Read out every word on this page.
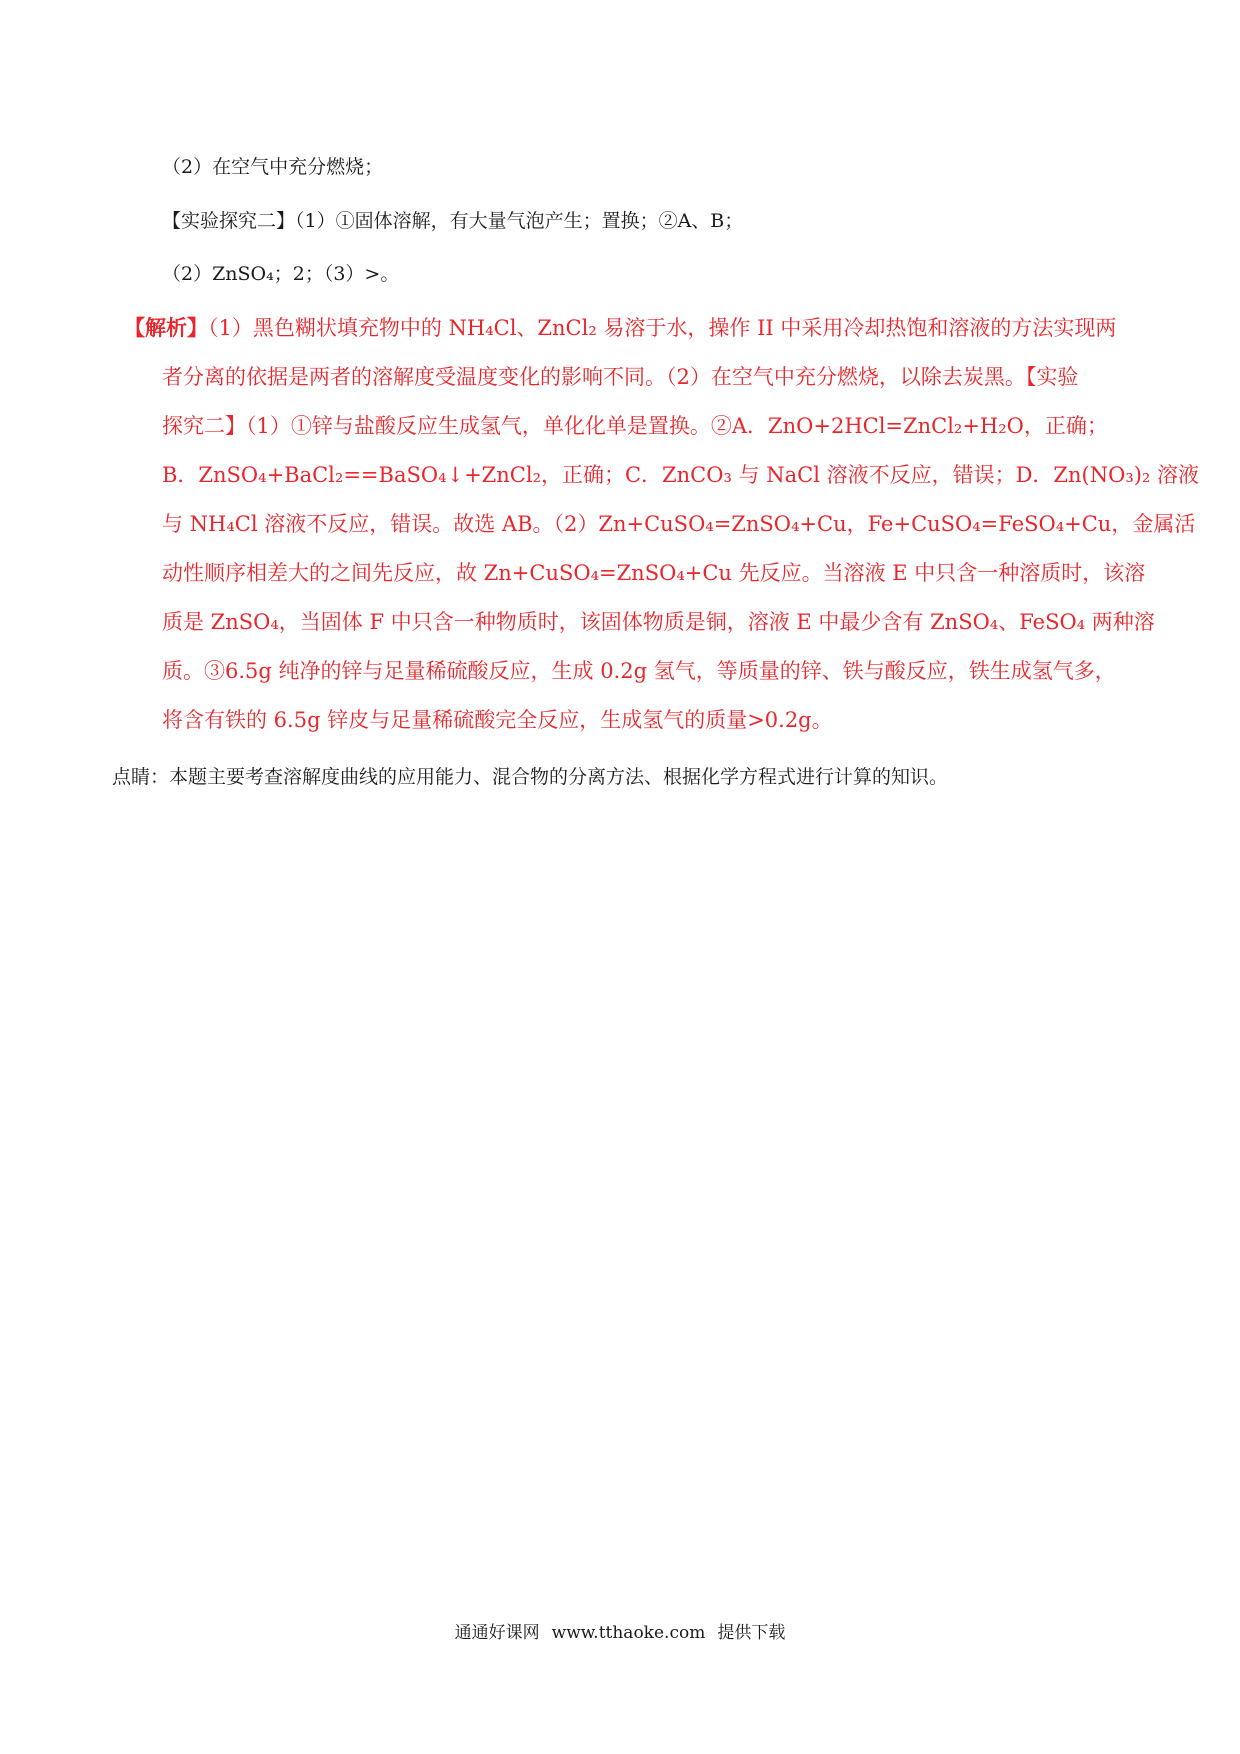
（2）在空气中充分燃烧；
【实验探究二】（1）①固体溶解，有大量气泡产生；置换；②A、B；
（2）ZnSO₄；2；（3）>。
【解析】（1）黑色糊状填充物中的 NH₄Cl、ZnCl₂ 易溶于水，操作 II 中采用冷却热饱和溶液的方法实现两
者分离的依据是两者的溶解度受温度变化的影响不同。（2）在空气中充分燃烧，以除去炭黑。【实验
探究二】（1）①锌与盐酸反应生成氢气，单化化单是置换。②A．ZnO+2HCl=ZnCl₂+H₂O，正确；
B．ZnSO₄+BaCl₂==BaSO₄↓+ZnCl₂，正确；C．ZnCO₃ 与 NaCl 溶液不反应，错误；D．Zn(NO₃)₂ 溶液
与 NH₄Cl 溶液不反应，错误。故选 AB。（2）Zn+CuSO₄=ZnSO₄+Cu，Fe+CuSO₄=FeSO₄+Cu，金属活
动性顺序相差大的之间先反应，故 Zn+CuSO₄=ZnSO₄+Cu 先反应。当溶液 E 中只含一种溶质时，该溶
质是 ZnSO₄，当固体 F 中只含一种物质时，该固体物质是铜，溶液 E 中最少含有 ZnSO₄、FeSO₄ 两种溶
质。③6.5g 纯净的锌与足量稀硫酸反应，生成 0.2g 氢气，等质量的锌、铁与酸反应，铁生成氢气多，
将含有铁的 6.5g 锌皮与足量稀硫酸完全反应，生成氢气的质量>0.2g。
点睛：本题主要考查溶解度曲线的应用能力、混合物的分离方法、根据化学方程式进行计算的知识。
通通好课网 www.tthaoke.com 提供下载
